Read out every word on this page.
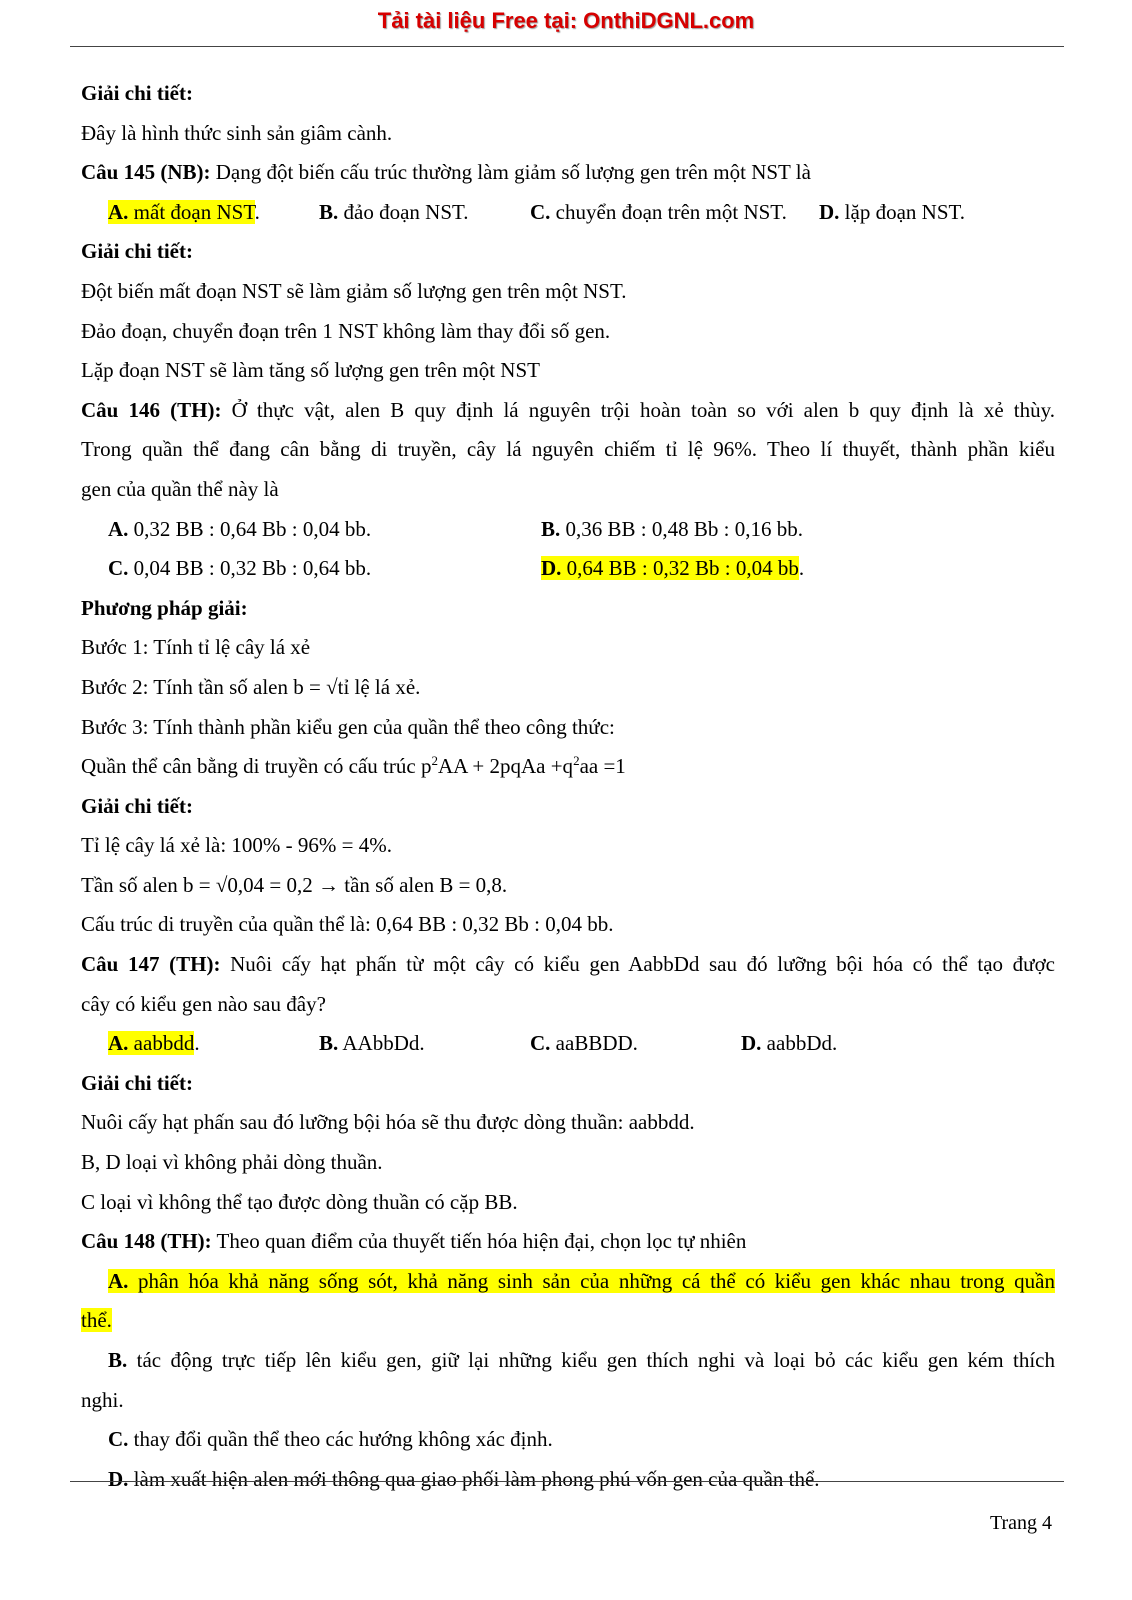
Tải tài liệu Free tại: OnthiDGNL.com
Giải chi tiết:
Đây là hình thức sinh sản giâm cành.
Câu 145 (NB): Dạng đột biến cấu trúc thường làm giảm số lượng gen trên một NST là
A. mất đoạn NST.	B. đảo đoạn NST.	C. chuyển đoạn trên một NST.	D. lặp đoạn NST.
Giải chi tiết:
Đột biến mất đoạn NST sẽ làm giảm số lượng gen trên một NST.
Đảo đoạn, chuyển đoạn trên 1 NST không làm thay đổi số gen.
Lặp đoạn NST sẽ làm tăng số lượng gen trên một NST
Câu 146 (TH): Ở thực vật, alen B quy định lá nguyên trội hoàn toàn so với alen b quy định là xẻ thùy.
Trong quần thể đang cân bằng di truyền, cây lá nguyên chiếm tỉ lệ 96%. Theo lí thuyết, thành phần kiểu
gen của quần thể này là
A. 0,32 BB : 0,64 Bb : 0,04 bb.	B. 0,36 BB : 0,48 Bb : 0,16 bb.
C. 0,04 BB : 0,32 Bb : 0,64 bb.	D. 0,64 BB : 0,32 Bb : 0,04 bb.
Phương pháp giải:
Bước 1: Tính tỉ lệ cây lá xẻ
Bước 2: Tính tần số alen b = √tỉ lệ lá xẻ.
Bước 3: Tính thành phần kiểu gen của quần thể theo công thức:
Quần thể cân bằng di truyền có cấu trúc $p^2AA$ + 2pqAa $+q^2aa =1$
Giải chi tiết:
Tỉ lệ cây lá xẻ là: 100% - 96% = 4%.
Tần số alen b = √0,04 = 0,2 → tần số alen B = 0,8.
Cấu trúc di truyền của quần thể là: 0,64 BB : 0,32 Bb : 0,04 bb.
Câu 147 (TH): Nuôi cấy hạt phấn từ một cây có kiểu gen AabbDd sau đó lưỡng bội hóa có thể tạo được
cây có kiểu gen nào sau đây?
A. aabbdd.	B. AAbbDd.	C. aaBBDD.	D. aabbDd.
Giải chi tiết:
Nuôi cấy hạt phấn sau đó lưỡng bội hóa sẽ thu được dòng thuần: aabbdd.
B, D loại vì không phải dòng thuần.
C loại vì không thể tạo được dòng thuần có cặp BB.
Câu 148 (TH): Theo quan điểm của thuyết tiến hóa hiện đại, chọn lọc tự nhiên
A. phân hóa khả năng sống sót, khả năng sinh sản của những cá thể có kiểu gen khác nhau trong quần
thể.
B. tác động trực tiếp lên kiểu gen, giữ lại những kiểu gen thích nghi và loại bỏ các kiểu gen kém thích
nghi.
C. thay đổi quần thể theo các hướng không xác định.
D. làm xuất hiện alen mới thông qua giao phối làm phong phú vốn gen của quần thể.
Trang 4
